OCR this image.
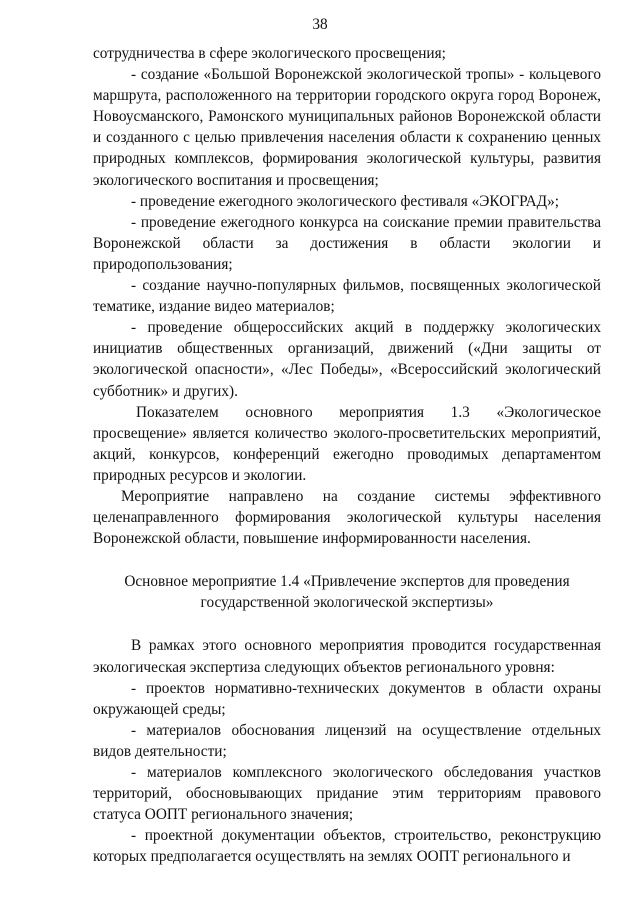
38

сотрудничества в сфере экологического просвещения;

- создание «Большой Воронежской экологической тропы» - кольцевого маршрута, расположенного на территории городского округа город Воронеж, Новоусманского, Рамонского муниципальных районов Воронежской области и созданного с целью привлечения населения области к сохранению ценных природных комплексов, формирования экологической культуры, развития экологического воспитания и просвещения;

- проведение ежегодного экологического фестиваля «ЭКОГРАД»;

- проведение ежегодного конкурса на соискание премии правительства Воронежской области за достижения в области экологии и природопользования;

- создание научно-популярных фильмов, посвященных экологической тематике, издание видео материалов;

- проведение общероссийских акций в поддержку экологических инициатив общественных организаций, движений («Дни защиты от экологической опасности», «Лес Победы», «Всероссийский экологический субботник» и других).

Показателем основного мероприятия 1.3 «Экологическое просвещение» является количество эколого-просветительских мероприятий, акций, конкурсов, конференций ежегодно проводимых департаментом природных ресурсов и экологии.

Мероприятие направлено на создание системы эффективного целенаправленного формирования экологической культуры населения Воронежской области, повышение информированности населения.

Основное мероприятие 1.4 «Привлечение экспертов для проведения государственной экологической экспертизы»

В рамках этого основного мероприятия проводится государственная экологическая экспертиза следующих объектов регионального уровня:

- проектов нормативно-технических документов в области охраны окружающей среды;

- материалов обоснования лицензий на осуществление отдельных видов деятельности;

- материалов комплексного экологического обследования участков территорий, обосновывающих придание этим территориям правового статуса ООПТ регионального значения;

- проектной документации объектов, строительство, реконструкцию которых предполагается осуществлять на землях ООПТ регионального и
